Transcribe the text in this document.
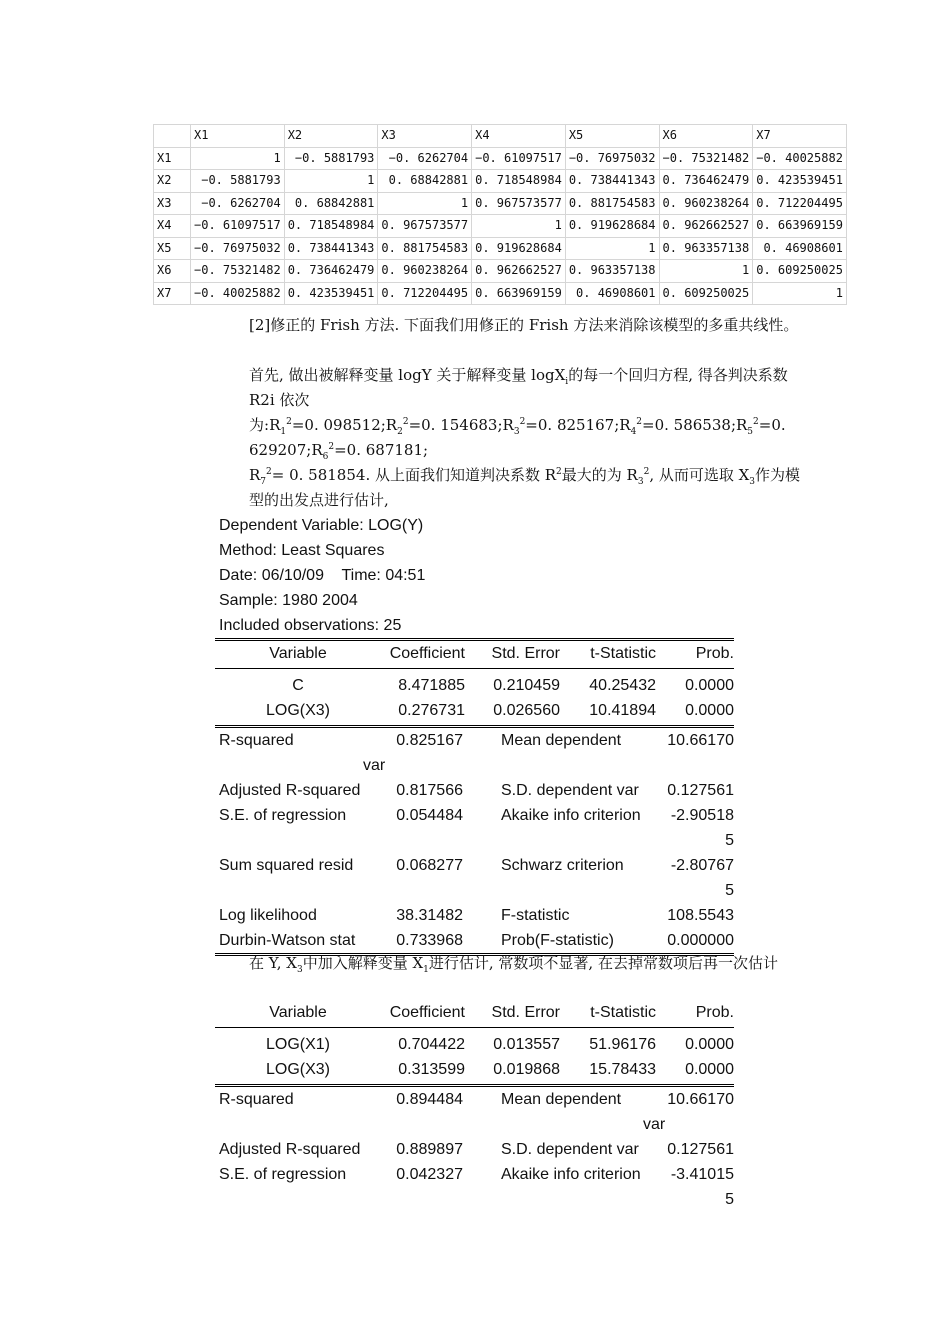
	X1	X2	X3	X4	X5	X6	X7
X1	1	−0. 5881793	−0. 6262704	−0. 61097517	−0. 76975032	−0. 75321482	−0. 40025882
X2	−0. 5881793	1	0. 68842881	0. 718548984	0. 738441343	0. 736462479	0. 423539451
X3	−0. 6262704	0. 68842881	1	0. 967573577	0. 881754583	0. 960238264	0. 712204495
X4	−0. 61097517	0. 718548984	0. 967573577	1	0. 919628684	0. 962662527	0. 663969159
X5	−0. 76975032	0. 738441343	0. 881754583	0. 919628684	1	0. 963357138	0. 46908601
X6	−0. 75321482	0. 736462479	0. 960238264	0. 962662527	0. 963357138	1	0. 609250025
X7	−0. 40025882	0. 423539451	0. 712204495	0. 663969159	0. 46908601	0. 609250025	1

[2]修正的 Frish 方法. 下面我们用修正的 Frish 方法来消除该模型的多重共线性。

首先, 做出被解释变量 logY 关于解释变量 logX$_i$的每一个回归方程, 得各判决系数 R2i 依次

为$:R_1^2=0$. $098512;R_2^2=0$. $154683;R_3^2=0$. $825167;R_4^2=0$. $586538;R_5^2=0$. $629207;R_6^2=0$. 687181;

$R_7^2= 0$. 581854. 从上面我们知道判决系数 $R^2$最大的为 $R_3^2$, 从而可选取 $X_3$作为模型的出发点进行估计,

Dependent Variable: LOG(Y)
Method: Least Squares
Date: 06/10/09    Time: 04:51
Sample: 1980 2004
Included observations: 25
Variable	Coefficient	Std. Error	t-Statistic	Prob.
C	8.471885	0.210459	40.25432	0.0000
LOG(X3)	0.276731	0.026560	10.41894	0.0000
R-squared	0.825167	Mean dependent	10.66170
	var		
Adjusted R-squared	0.817566	S.D. dependent var	0.127561
S.E. of regression	0.054484	Akaike info criterion	-2.90518
5

Sum squared resid	0.068277	Schwarz criterion	-2.80767
5

Log likelihood	38.31482	F-statistic	108.5543
Durbin-Watson stat	0.733968	Prob(F-statistic)	0.000000

在 Y, $X_3$中加入解释变量 $X_1$进行估计, 常数项不显著, 在去掉常数项后再一次估计

Variable	Coefficient	Std. Error	t-Statistic	Prob.
LOG(X1)	0.704422	0.013557	51.96176	0.0000
LOG(X3)	0.313599	0.019868	15.78433	0.0000
R-squared	0.894484	Mean dependent	10.66170
	var		
Adjusted R-squared	0.889897	S.D. dependent var	0.127561
S.E. of regression	0.042327	Akaike info criterion	-3.41015
5
